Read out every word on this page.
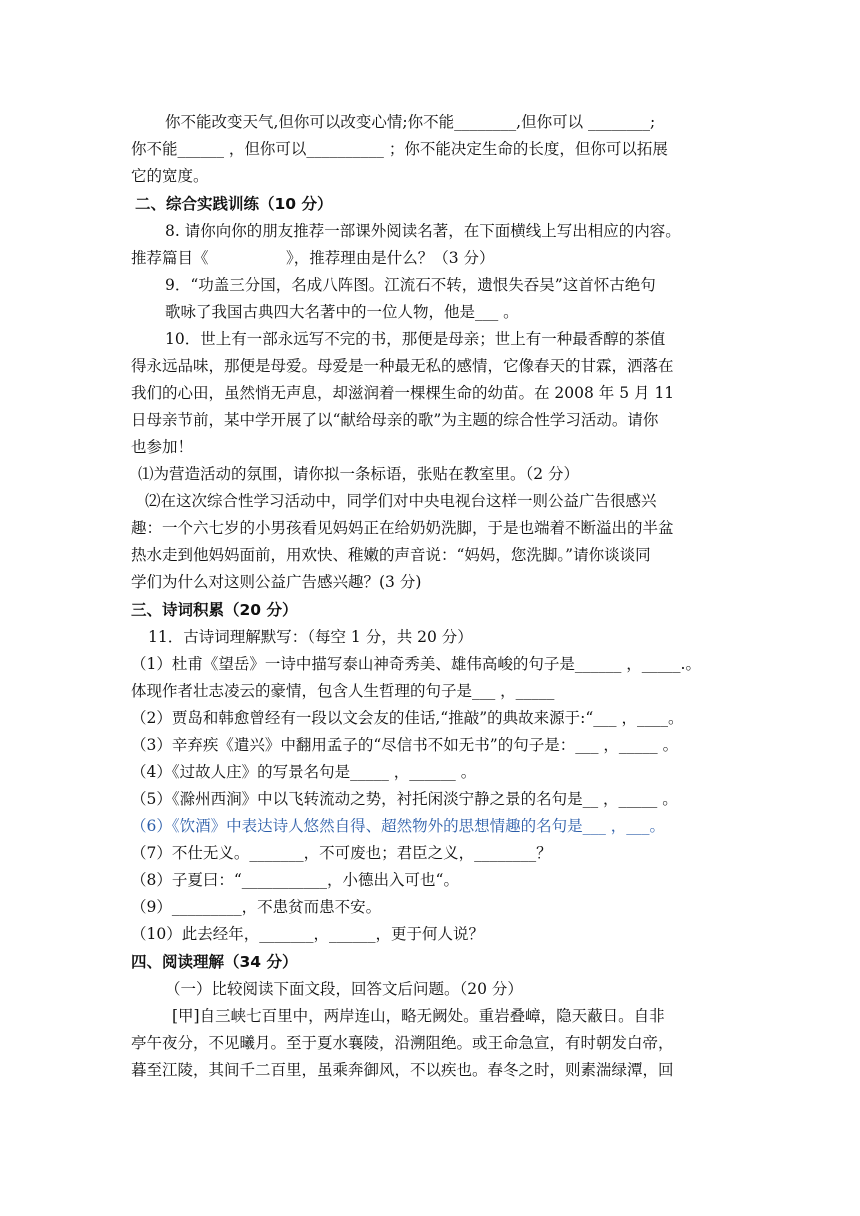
你不能改变天气,但你可以改变心情;你不能________,但你可以 ________;
你不能______ ，但你可以__________ ；你不能决定生命的长度，但你可以拓展
它的宽度。
二、综合实践训练（10 分）
8. 请你向你的朋友推荐一部课外阅读名著，在下面横线上写出相应的内容。
推荐篇目《　　　　　》，推荐理由是什么？（3 分）
9．“功盖三分国，名成八阵图。江流石不转，遗恨失吞吴”这首怀古绝句
歌咏了我国古典四大名著中的一位人物，他是___ 。
10．世上有一部永远写不完的书，那便是母亲；世上有一种最香醇的茶值
得永远品味，那便是母爱。母爱是一种最无私的感情，它像春天的甘霖，洒落在
我们的心田，虽然悄无声息，却滋润着一棵棵生命的幼苗。在 2008 年 5 月 11
日母亲节前，某中学开展了以“献给母亲的歌”为主题的综合性学习活动。请你
也参加！
⑴为营造活动的氛围，请你拟一条标语，张贴在教室里。（2 分）
⑵在这次综合性学习活动中，同学们对中央电视台这样一则公益广告很感兴
趣：一个六七岁的小男孩看见妈妈正在给奶奶洗脚，于是也端着不断溢出的半盆
热水走到他妈妈面前，用欢快、稚嫩的声音说：“妈妈，您洗脚。”请你谈谈同
学们为什么对这则公益广告感兴趣？(3 分)
三、诗词积累（20 分）
11．古诗词理解默写：（每空 1 分，共 20 分）
（1）杜甫《望岳》一诗中描写泰山神奇秀美、雄伟高峻的句子是______ ，_____.。
体现作者壮志凌云的豪情，包含人生哲理的句子是___ ，_____
（2）贾岛和韩愈曾经有一段以文会友的佳话,“推敲”的典故来源于:“___ ，____。
（3）辛弃疾《遣兴》中翻用孟子的“尽信书不如无书”的句子是：___ ，_____ 。
（4）《过故人庄》的写景名句是_____ ，______ 。
（5）《滁州西涧》中以飞转流动之势，衬托闲淡宁静之景的名句是__ ，_____ 。
（6）《饮酒》中表达诗人悠然自得、超然物外的思想情趣的名句是___ ，___。
（7）不仕无义。_______，不可废也；君臣之义，________？
（8）子夏曰：“___________，小德出入可也“。
（9）_________，不患贫而患不安。
（10）此去经年，_______，______，更于何人说？
四、阅读理解（34 分）
（一）比较阅读下面文段，回答文后问题。（20 分）
[甲]自三峡七百里中，两岸连山，略无阙处。重岩叠嶂，隐天蔽日。自非
亭午夜分，不见曦月。至于夏水襄陵，沿溯阻绝。或王命急宣，有时朝发白帝，
暮至江陵，其间千二百里，虽乘奔御风，不以疾也。春冬之时，则素湍绿潭，回
